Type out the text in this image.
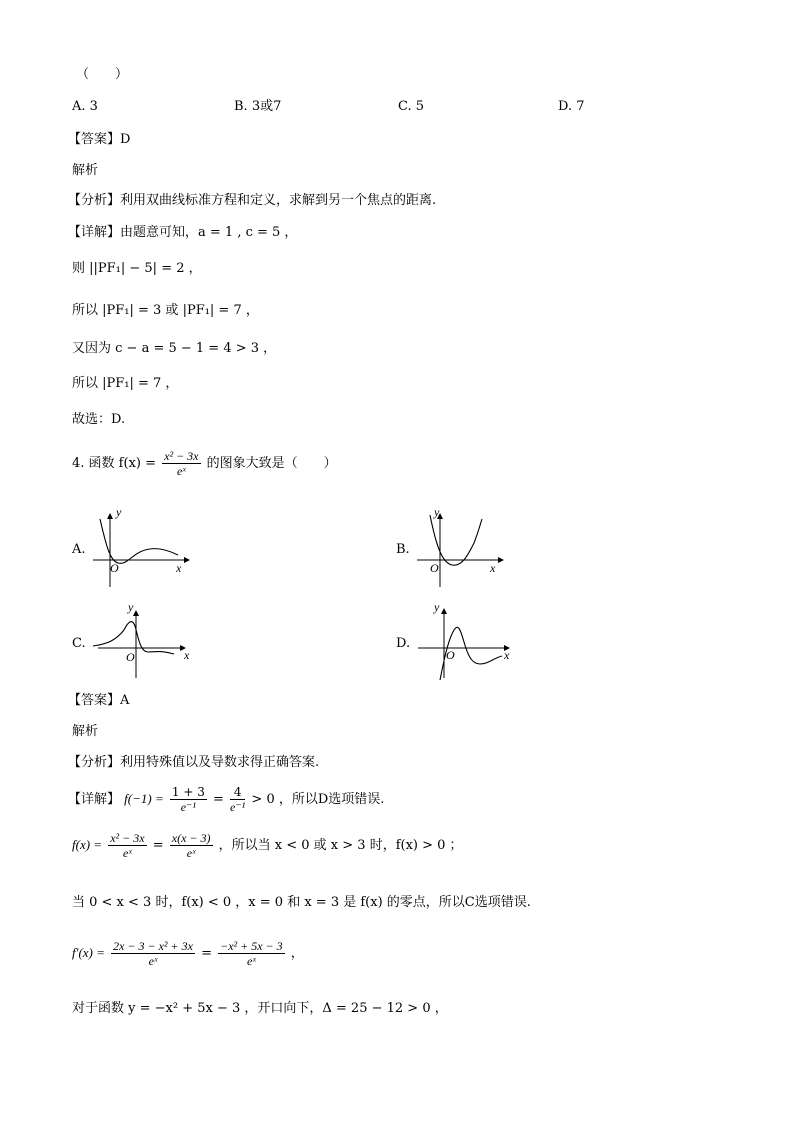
（　　）
A. 3	B. 3或7	C. 5	D. 7
【答案】D
解析
【分析】利用双曲线标准方程和定义，求解到另一个焦点的距离.
【详解】由题意可知，a = 1 , c = 5 ，
则 ||PF₁| − 5| = 2 ，
所以 |PF₁| = 3 或 |PF₁| = 7 ，
又因为 c − a = 5 − 1 = 4 > 3 ，
所以 |PF₁| = 7 ，
故选：D.
4. 函数 $f(x) = \frac{\text{x² − 3x}}{\text{eˣ}}$ 的图象大致是（　　）
A.
y
x
O
B.
y
x
O
C.
y
x
O
D.
y
x
O
【答案】A
解析
【分析】利用特殊值以及导数求得正确答案.
【详解】 $f(-1) = \frac{1 + 3}{\text{e⁻¹}} = \frac{4}{\text{e⁻¹}} > 0$ ，所以D选项错误.
$f(x) = \frac{\text{x² − 3x}}{\text{eˣ}} = \frac{x(x - 3)}{\text{eˣ}}$ ，所以当 x < 0 或 x > 3 时，f(x) > 0 ；
当 0 < x < 3 时，f(x) < 0 ，x = 0 和 x = 3 是 f(x) 的零点，所以C选项错误.
$f'(x) = \frac{\text{2x − 3 − x² + 3x}}{\text{eˣ}} = \frac{\text{−x² + 5x − 3}}{\text{eˣ}}$ ，
对于函数 y = −x² + 5x − 3 ，开口向下，Δ = 25 − 12 > 0 ，
